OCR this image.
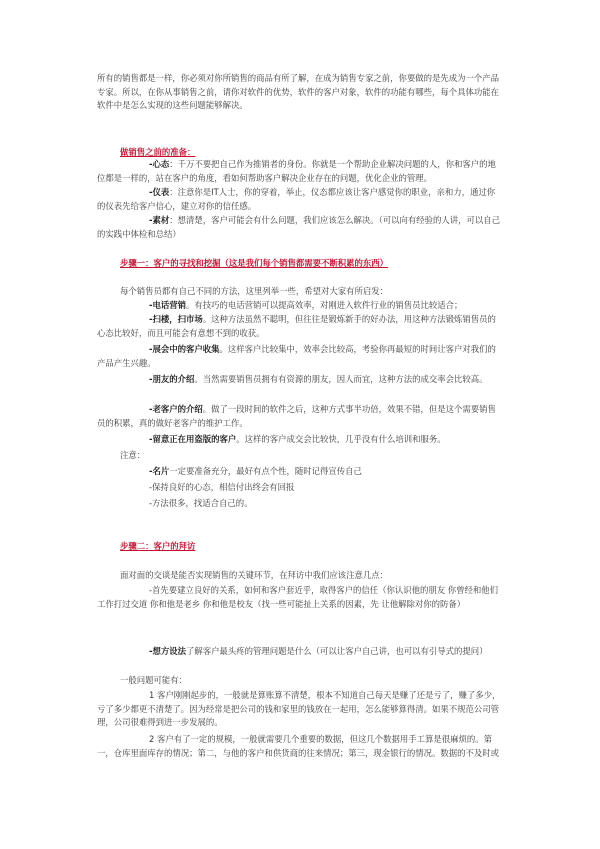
所有的销售都是一样，你必须对你所销售的商品有所了解，在成为销售专家之前，你要做的是先成为一个产品专家。所以，在你从事销售之前，请你对软件的优势，软件的客户对象，软件的功能有哪些，每个具体功能在软件中是怎么实现的这些问题能够解决。

做销售之前的准备：

-心态：千万不要把自己作为推销者的身份。你就是一个帮助企业解决问题的人，你和客户的地位都是一样的，站在客户的角度，看如何帮助客户解决企业存在的问题，优化企业的管理。

-仪表：注意你是IT人士，你的穿着，举止，仪态都应该让客户感觉你的职业，亲和力，通过你的仪表先给客户信心，建立对你的信任感。

-素材：想清楚，客户可能会有什么问题，我们应该怎么解决。（可以向有经验的人讲，可以自己的实践中体检和总结）

步骤一：客户的寻找和挖掘（这是我们每个销售都需要不断积累的东西）

每个销售员都有自己不同的方法，这里列举一些，希望对大家有所启发：

-电话营销。有技巧的电话营销可以提高效率，对刚进入软件行业的销售员比较适合；

-扫楼，扫市场。这种方法虽然不聪明，但往往是锻炼新手的好办法，用这种方法锻炼销售员的心态比较好，而且可能会有意想不到的收获。

-展会中的客户收集。这样客户比较集中，效率会比较高，考验你再最短的时间让客户对我们的产品产生兴趣。

-朋友的介绍。当然需要销售员拥有有资源的朋友，因人而宜，这种方法的成交率会比较高。

-老客户的介绍。做了一段时间的软件之后，这种方式事半功倍，效果不错，但是这个需要销售员的积累，真的做好老客户的维护工作。

-留意正在用盗版的客户。这样的客户成交会比较快，几乎没有什么培训和服务。

注意：

-名片一定要准备充分，最好有点个性，随时记得宣传自己

-保持良好的心态，相信付出终会有回报

-方法很多，找适合自己的。

步骤二：客户的拜访

面对面的交谈是能否实现销售的关键环节，在拜访中我们应该注意几点：

-首先要建立良好的关系，如何和客户套近乎，取得客户的信任（你认识他的朋友 你曾经和他们工作打过交道 你和他是老乡 你和他是校友（找一些可能扯上关系的因素，先 让他解除对你的防备）

-想方设法了解客户最头疼的管理问题是什么（可以让客户自己讲，也可以有引导式的提问）

一般问题可能有：

1 客户刚刚起步的，一般就是算账算不清楚，根本不知道自己每天是赚了还是亏了，赚了多少，亏了多少都更不清楚了。因为经常是把公司的钱和家里的钱放在一起用，怎么能够算得清。如果不规范公司管理，公司很难得到进一步发展的。

2 客户有了一定的规模，一般就需要几个重要的数据，但这几个数据用手工算是很麻烦的。第一，仓库里面库存的情况；第二，与他的客户和供货商的往来情况；第三，现金银行的情况。数据的不及时或
